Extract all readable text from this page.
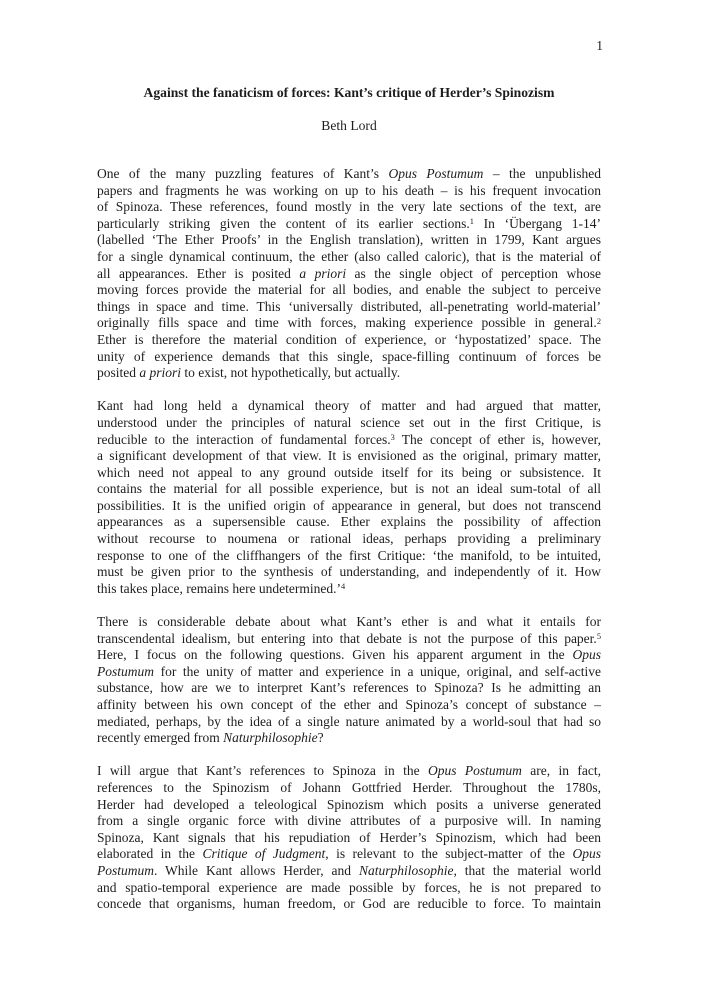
1
Against the fanaticism of forces: Kant’s critique of Herder’s Spinozism
Beth Lord
One of the many puzzling features of Kant’s Opus Postumum – the unpublished
papers and fragments he was working on up to his death – is his frequent invocation
of Spinoza. These references, found mostly in the very late sections of the text, are
particularly striking given the content of its earlier sections.$^1$ In ‘Übergang 1-14’
(labelled ‘The Ether Proofs’ in the English translation), written in 1799, Kant argues
for a single dynamical continuum, the ether (also called caloric), that is the material of
all appearances. Ether is posited a priori as the single object of perception whose
moving forces provide the material for all bodies, and enable the subject to perceive
things in space and time. This ‘universally distributed, all-penetrating world-material’
originally fills space and time with forces, making experience possible in general.$^2$
Ether is therefore the material condition of experience, or ‘hypostatized’ space. The
unity of experience demands that this single, space-filling continuum of forces be
posited a priori to exist, not hypothetically, but actually.
Kant had long held a dynamical theory of matter and had argued that matter,
understood under the principles of natural science set out in the first Critique, is
reducible to the interaction of fundamental forces.$^3$ The concept of ether is, however,
a significant development of that view. It is envisioned as the original, primary matter,
which need not appeal to any ground outside itself for its being or subsistence. It
contains the material for all possible experience, but is not an ideal sum-total of all
possibilities. It is the unified origin of appearance in general, but does not transcend
appearances as a supersensible cause. Ether explains the possibility of affection
without recourse to noumena or rational ideas, perhaps providing a preliminary
response to one of the cliffhangers of the first Critique: ‘the manifold, to be intuited,
must be given prior to the synthesis of understanding, and independently of it. How
this takes place, remains here undetermined.’$^4$
There is considerable debate about what Kant’s ether is and what it entails for
transcendental idealism, but entering into that debate is not the purpose of this paper.$^5$
Here, I focus on the following questions. Given his apparent argument in the Opus
Postumum for the unity of matter and experience in a unique, original, and self-active
substance, how are we to interpret Kant’s references to Spinoza? Is he admitting an
affinity between his own concept of the ether and Spinoza’s concept of substance –
mediated, perhaps, by the idea of a single nature animated by a world-soul that had so
recently emerged from Naturphilosophie?
I will argue that Kant’s references to Spinoza in the Opus Postumum are, in fact,
references to the Spinozism of Johann Gottfried Herder. Throughout the 1780s,
Herder had developed a teleological Spinozism which posits a universe generated
from a single organic force with divine attributes of a purposive will. In naming
Spinoza, Kant signals that his repudiation of Herder’s Spinozism, which had been
elaborated in the Critique of Judgment, is relevant to the subject-matter of the Opus
Postumum. While Kant allows Herder, and Naturphilosophie, that the material world
and spatio-temporal experience are made possible by forces, he is not prepared to
concede that organisms, human freedom, or God are reducible to force. To maintain
